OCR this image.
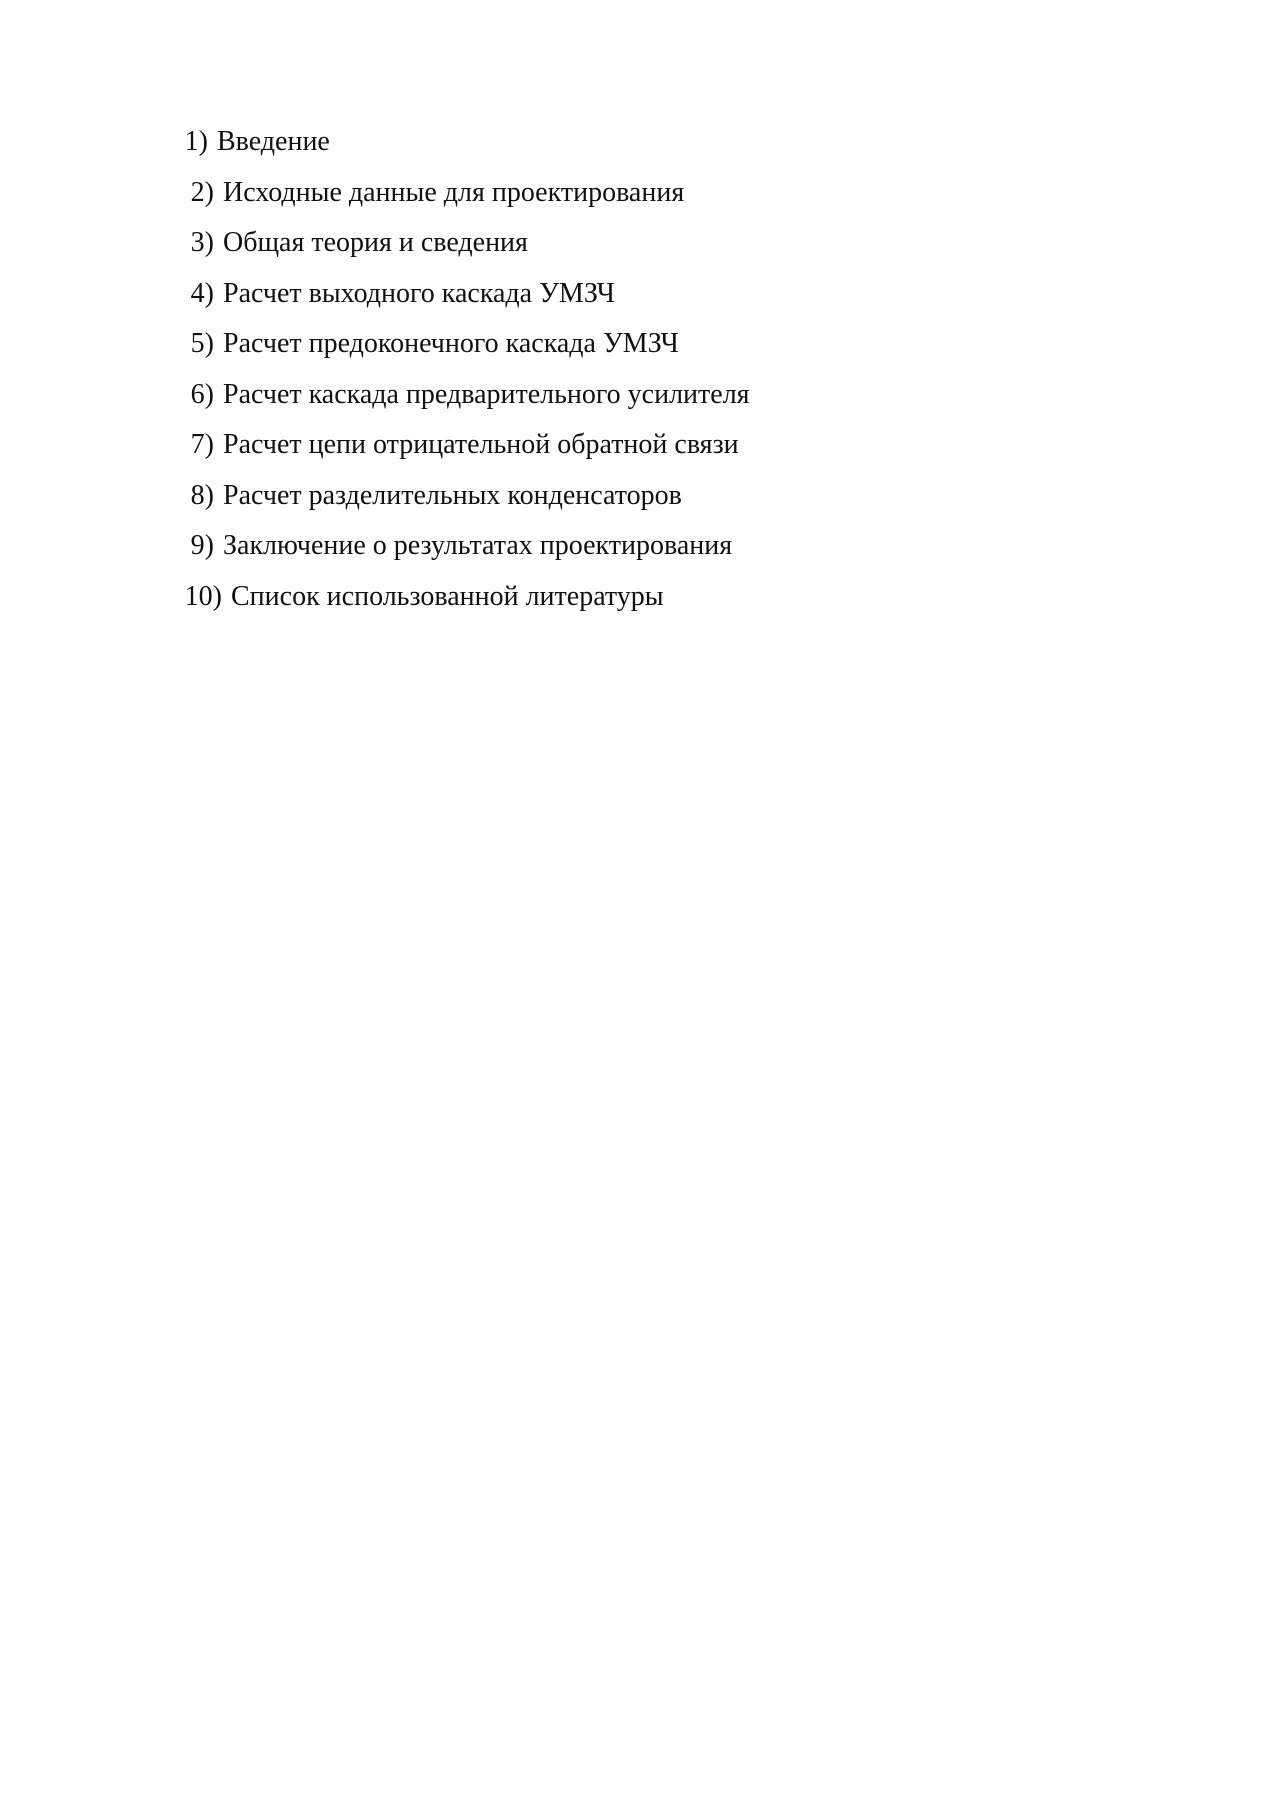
1) Введение
2) Исходные данные для проектирования
3) Общая теория и сведения
4) Расчет выходного каскада УМЗЧ
5) Расчет предоконечного каскада УМЗЧ
6) Расчет каскада предварительного усилителя
7) Расчет цепи отрицательной обратной связи
8) Расчет разделительных конденсаторов
9) Заключение о результатах проектирования
10) Список использованной литературы
